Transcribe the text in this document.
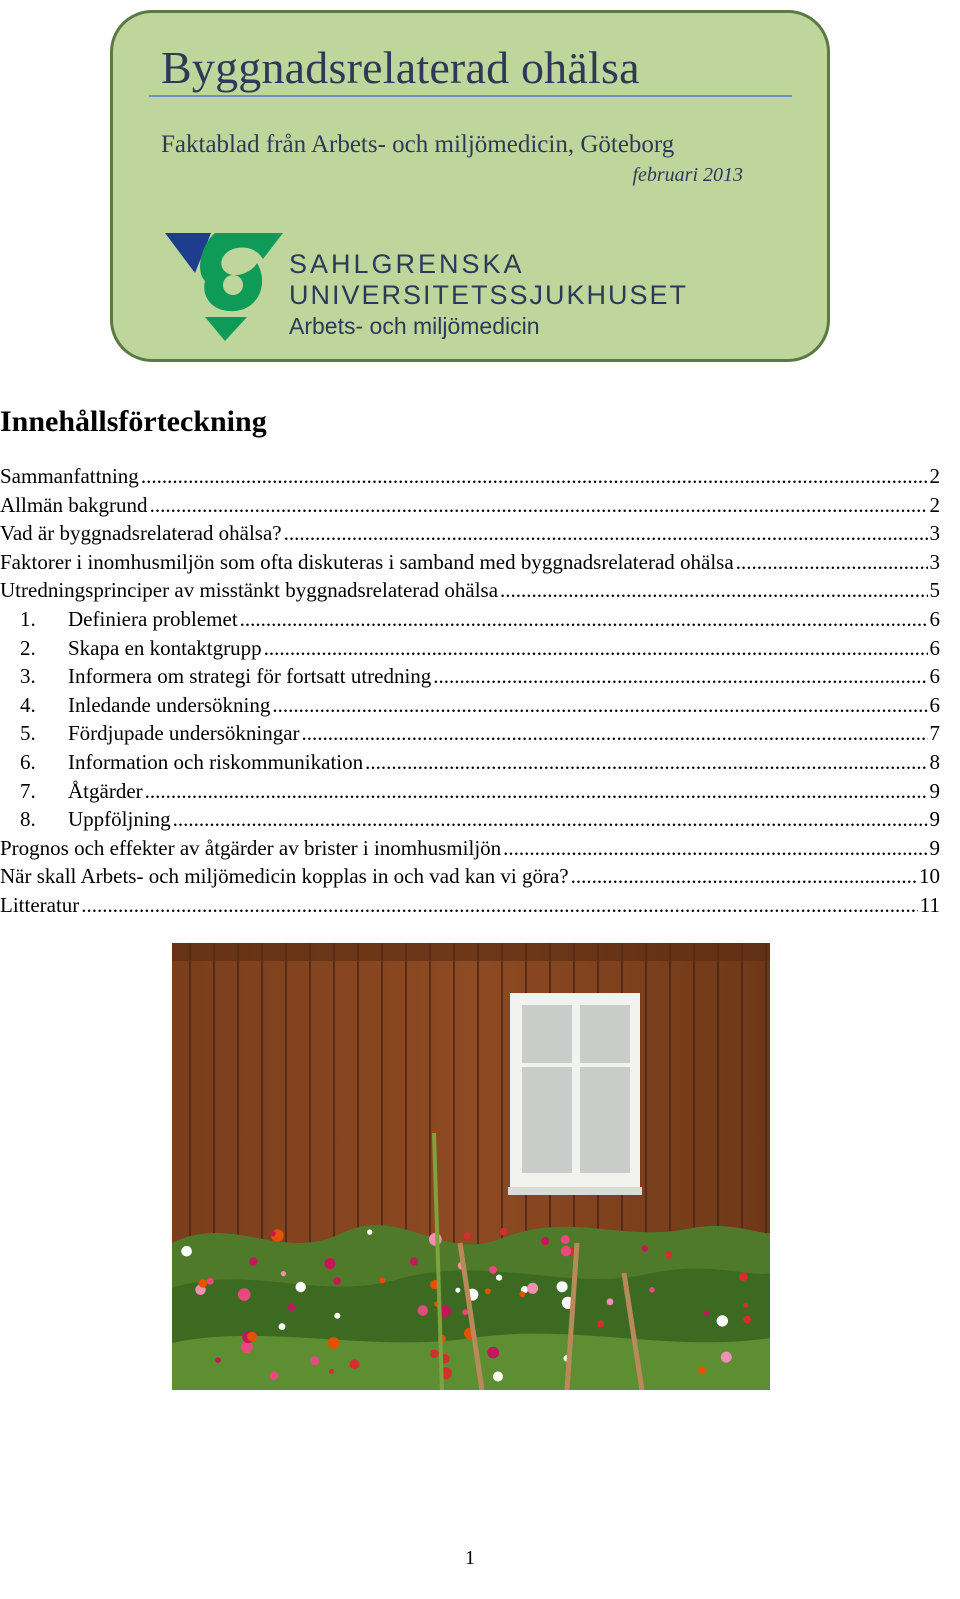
Byggnadsrelaterad ohälsa
Faktablad från Arbets- och miljömedicin, Göteborg
februari 2013
SAHLGRENSKA
UNIVERSITETSSJUKHUSET
Arbets- och miljömedicin
Innehållsförteckning
Sammanfattning .....	2
Allmän bakgrund .....	2
Vad är byggnadsrelaterad ohälsa? .....	3
Faktorer i inomhusmiljön som ofta diskuteras i samband med byggnadsrelaterad ohälsa .....	3
Utredningsprinciper av misstänkt byggnadsrelaterad ohälsa .....	5
1.	Definiera problemet .....	6
2.	Skapa en kontaktgrupp .....	6
3.	Informera om strategi för fortsatt utredning .....	6
4.	Inledande undersökning .....	6
5.	Fördjupade undersökningar .....	7
6.	Information och riskommunikation .....	8
7.	Åtgärder .....	9
8.	Uppföljning .....	9
Prognos och effekter av åtgärder av brister i inomhusmiljön .....	9
När skall Arbets- och miljömedicin kopplas in och vad kan vi göra? .....	10
Litteratur .....	11
1
